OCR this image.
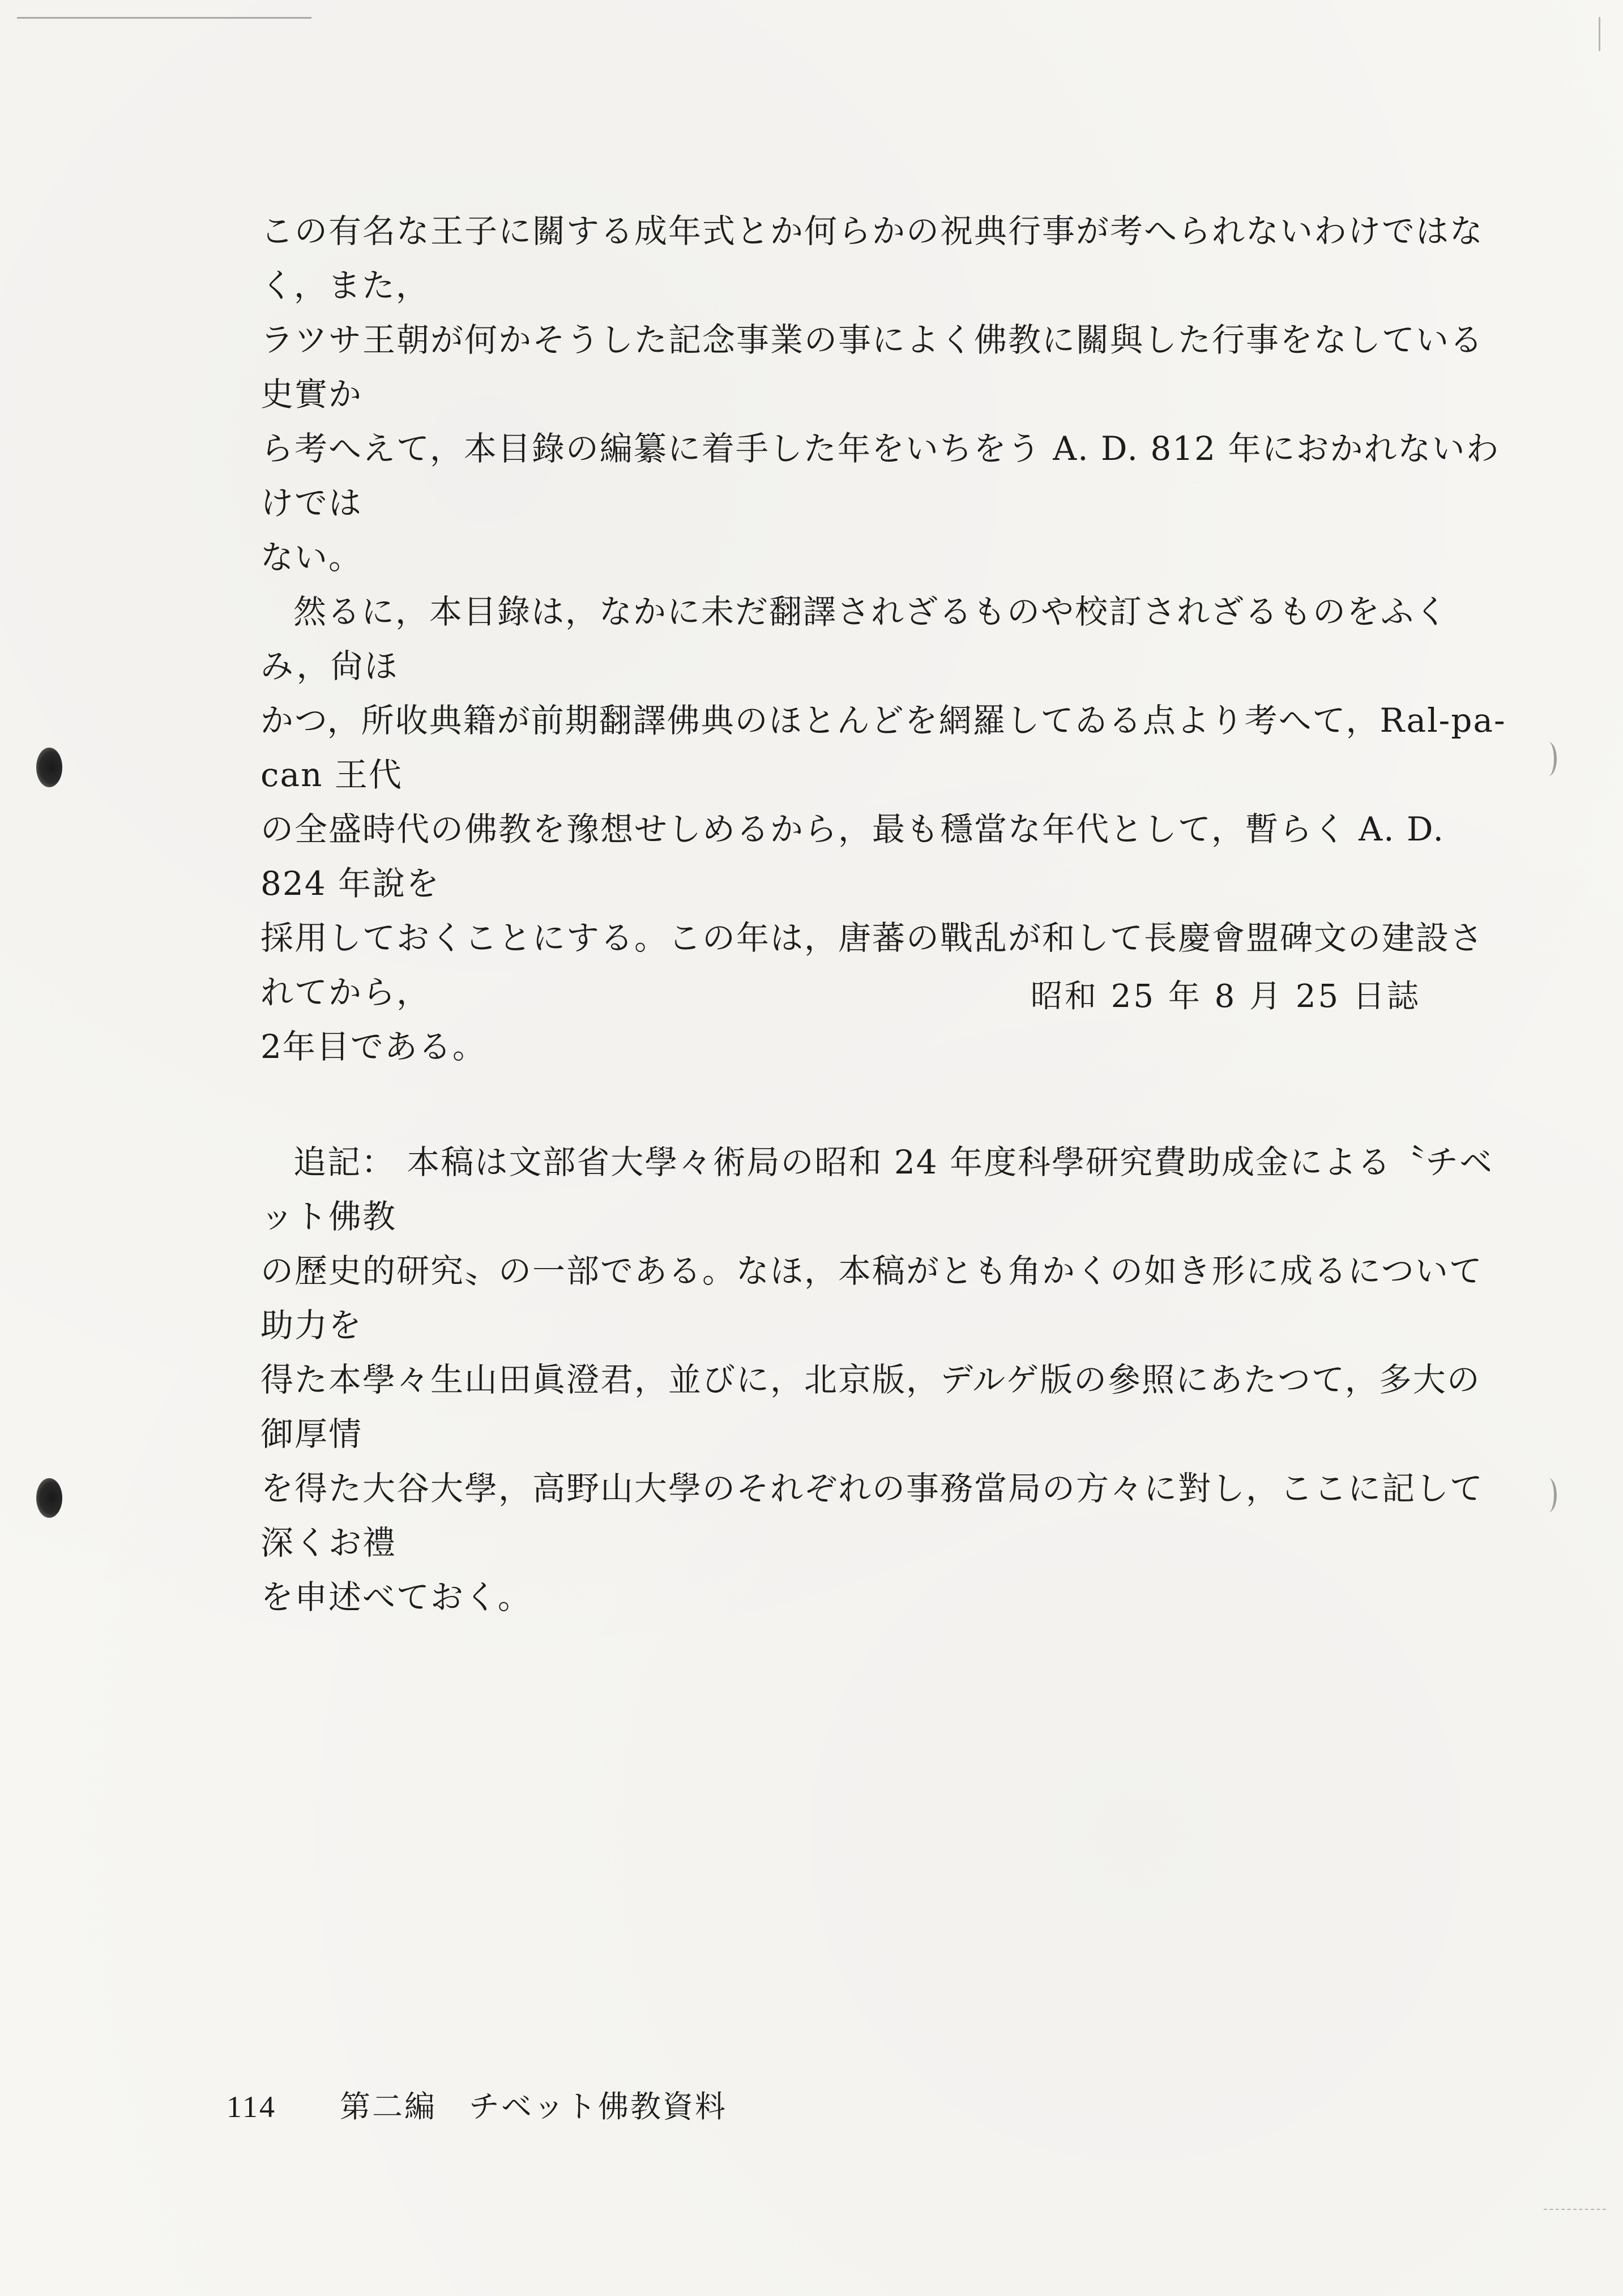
この有名な王子に關する成年式とか何らかの祝典行事が考へられないわけではなく，また，

ラツサ王朝が何かそうした記念事業の事によく佛教に關與した行事をなしている史實か

ら考へえて，本目錄の編纂に着手した年をいちをう A. D. 812 年におかれないわけでは

ない。

然るに，本目錄は，なかに未だ翻譯されざるものや校訂されざるものをふくみ，尙ほ

かつ，所收典籍が前期翻譯佛典のほとんどを網羅してゐる点より考へて，Ral-pa-can 王代

の全盛時代の佛教を豫想せしめるから，最も穩當な年代として，暫らく A. D. 824 年說を

採用しておくことにする。この年は，唐蕃の戰乱が和して長慶會盟碑文の建設されてから，

2年目である。

追記： 本稿は文部省大學々術局の昭和 24 年度科學研究費助成金による〝チベット佛教

の歷史的研究〟の一部である。なほ，本稿がとも角かくの如き形に成るについて助力を

得た本學々生山田眞澄君，並びに，北京版，デルゲ版の參照にあたつて，多大の御厚情

を得た大谷大學，高野山大學のそれぞれの事務當局の方々に對し，ここに記して深くお禮

を申述べておく。

昭和 25 年 8 月 25 日誌
114 第二編　チベット佛教資料
